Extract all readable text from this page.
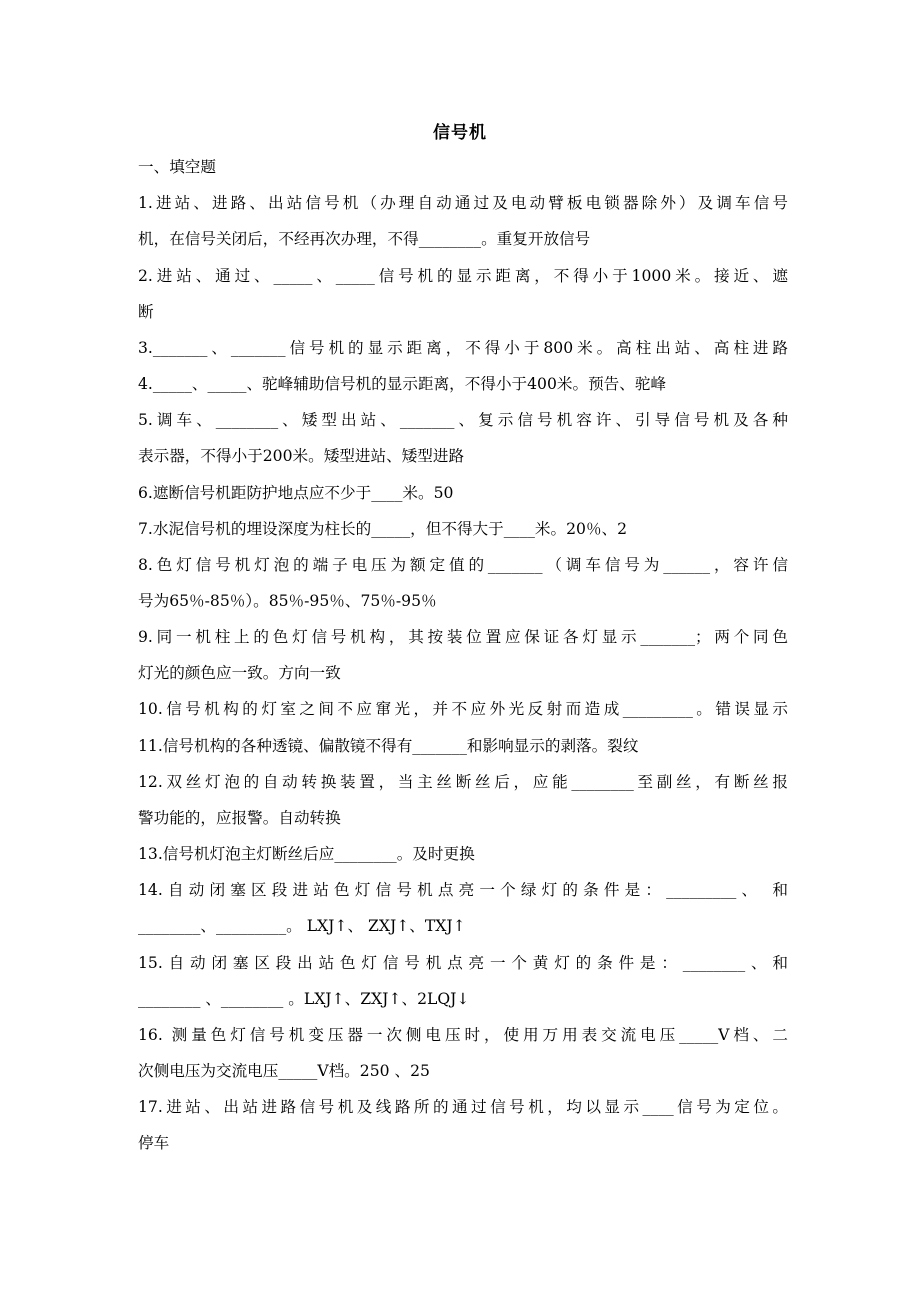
信号机
一、填空题
1.进站、进路、出站信号机（办理自动通过及电动臂板电锁器除外）及调车信号
机，在信号关闭后，不经再次办理，不得________。重复开放信号
2.进站、通过、_____、_____信号机的显示距离，不得小于1000米。接近、遮
断
3._______、_______信号机的显示距离，不得小于800米。高柱出站、高柱进路
4._____、_____、驼峰辅助信号机的显示距离，不得小于400米。预告、驼峰
5.调车、________、矮型出站、_______、复示信号机容许、引导信号机及各种
表示器，不得小于200米。矮型进站、矮型进路
6.遮断信号机距防护地点应不少于____米。50
7.水泥信号机的埋设深度为柱长的_____，但不得大于____米。20％、2
8.色灯信号机灯泡的端子电压为额定值的_______（调车信号为______，容许信
号为65％-85％）。85％-95％、75％-95％
9.同一机柱上的色灯信号机构，其按装位置应保证各灯显示_______；两个同色
灯光的颜色应一致。方向一致
10.信号机构的灯室之间不应窜光，并不应外光反射而造成_________。错误显示
11.信号机构的各种透镜、偏散镜不得有_______和影响显示的剥落。裂纹
12.双丝灯泡的自动转换装置，当主丝断丝后，应能________至副丝，有断丝报
警功能的，应报警。自动转换
13.信号机灯泡主灯断丝后应________。及时更换
14.自动闭塞区段进站色灯信号机点亮一个绿灯的条件是：_________、 和
________、_________。 LXJ↑、 ZXJ↑、TXJ↑
15.自动闭塞区段出站色灯信号机点亮一个黄灯的条件是：________、和
________ 、________ 。LXJ↑、ZXJ↑、2LQJ↓
16. 测量色灯信号机变压器一次侧电压时，使用万用表交流电压_____V档、二
次侧电压为交流电压_____V档。250 、25
17.进站、出站进路信号机及线路所的通过信号机，均以显示____信号为定位。
停车
